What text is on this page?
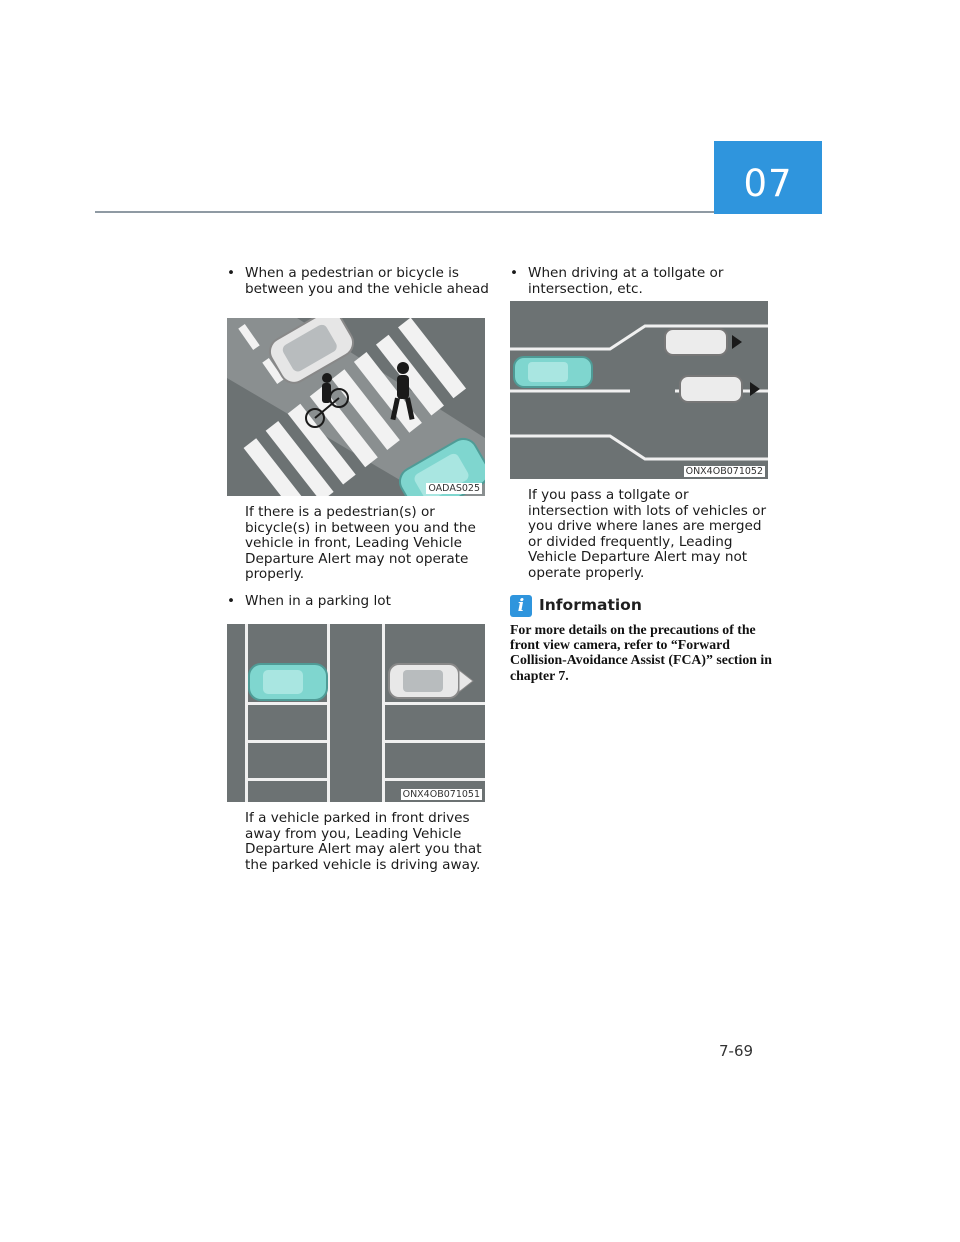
07
• When a pedestrian or bicycle is between you and the vehicle ahead
OADAS025
If there is a pedestrian(s) or bicycle(s) in between you and the vehicle in front, Leading Vehicle Departure Alert may not operate properly.
• When in a parking lot
ONX4OB071051
If a vehicle parked in front drives away from you, Leading Vehicle Departure Alert may alert you that the parked vehicle is driving away.
• When driving at a tollgate or intersection, etc.
ONX4OB071052
If you pass a tollgate or intersection with lots of vehicles or you drive where lanes are merged or divided frequently, Leading Vehicle Departure Alert may not operate properly.
i Information
For more details on the precautions of the front view camera, refer to “Forward Collision-Avoidance Assist (FCA)” section in chapter 7.
7-69
